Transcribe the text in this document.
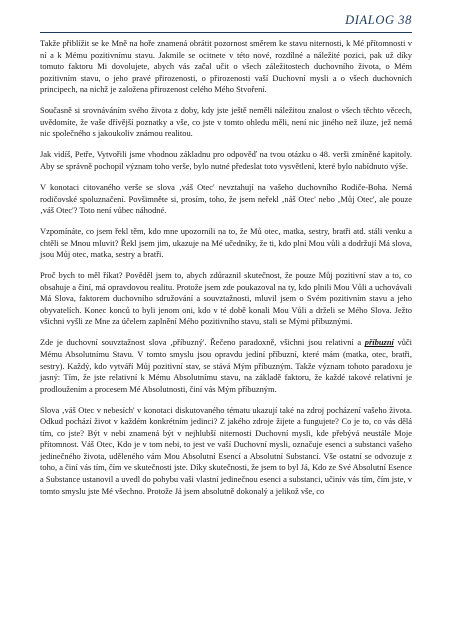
DIALOG 38

Takže přiblížit se ke Mně na hoře znamená obrátit pozornost směrem ke stavu niternosti, k Mé přítomnosti v ní a k Mému pozitivnímu stavu. Jakmile se ocitnete v této nové, rozdílné a náležité pozici, pak už díky tomuto faktoru Mi dovolujete, abych vás začal učit o všech záležitostech duchovního života, o Mém pozitivním stavu, o jeho pravé přirozenosti, o přirozenosti vaší Duchovní mysli a o všech duchovních principech, na nichž je založena přirozenost celého Mého Stvoření.

Současně si srovnáváním svého života z doby, kdy jste ještě neměli náležitou znalost o všech těchto věcech, uvědomíte, že vaše dřívější poznatky a vše, co jste v tomto ohledu měli, není nic jiného než iluze, jež nemá nic společného s jakoukoliv známou realitou.

Jak vidíš, Petře, Vytvořili jsme vhodnou základnu pro odpověď na tvou otázku o 48. verši zmíněné kapitoly. Aby se správně pochopil význam toho verše, bylo nutné předeslat toto vysvětlení, které bylo nabídnuto výše.

V konotaci citovaného verše se slova ‚váš Otec' nevztahují na vašeho duchovního Rodiče-Boha. Nemá rodičovské spoluznačení. Povšimněte si, prosím, toho, že jsem neřekl ‚náš Otec' nebo ‚Můj Otec', ale pouze ‚váš Otec'? Toto není vůbec náhodné.

Vzpomínáte, co jsem řekl těm, kdo mne upozornili na to, že Mů otec, matka, sestry, bratři atd. stáli venku a chtěli se Mnou mluvit? Řekl jsem jim, ukazuje na Mé učedníky, že ti, kdo plní Mou vůli a dodržují Má slova, jsou Můj otec, matka, sestry a bratři.

Proč bych to měl říkat? Pověděl jsem to, abych zdůraznil skutečnost, že pouze Můj pozitivní stav a to, co obsahuje a činí, má opravdovou realitu. Protože jsem zde poukazoval na ty, kdo plnili Mou Vůli a uchovávali Má Slova, faktorem duchovního sdružování a souvztažnosti, mluvil jsem o Svém pozitivním stavu a jeho obyvatelích. Konec konců to byli jenom oni, kdo v té době konali Mou Vůli a drželi se Mého Slova. Ježto všichni vyšli ze Mne za účelem zaplnění Mého pozitivního stavu, stali se Mými příbuznými.

Zde je duchovní souvztažnost slova ‚příbuzný'. Řečeno paradoxně, všichni jsou relativní a příbuzní vůči Mému Absolutnímu Stavu. V tomto smyslu jsou opravdu jediní příbuzní, které mám (matka, otec, bratři, sestry). Každý, kdo vytváří Můj pozitivní stav, se stává Mým příbuzným. Takže význam tohoto paradoxu je jasný: Tím, že jste relativní k Mému Absolutnímu stavu, na základě faktoru, že každé takové relativní je prodloužením a procesem Mé Absolutnosti, činí vás Mým příbuzným.

Slova ‚váš Otec v nebesích' v konotaci diskutovaného tématu ukazují také na zdroj pocházení vašeho života. Odkud pochází život v každém konkrétním jedinci? Z jakého zdroje žijete a fungujete? Co je to, co vás dělá tím, co jste? Být v nebi znamená být v nejhlubší niternosti Duchovní mysli, kde přebývá neustále Moje přítomnost. Váš Otec, Kdo je v tom nebi, to jest ve vaší Duchovní mysli, označuje esenci a substanci vašeho jedinečného života, uděleného vám Mou Absolutní Esencí a Absolutní Substancí. Vše ostatní se odvozuje z toho, a činí vás tím, čím ve skutečnosti jste. Díky skutečnosti, že jsem to byl Já, Kdo ze Své Absolutní Esence a Substance ustanovil a uvedl do pohybu vaši vlastní jedinečnou esenci a substanci, učinív vás tím, čím jste, v tomto smyslu jste Mé všechno. Protože Já jsem absolutně dokonalý a jelikož vše, co
